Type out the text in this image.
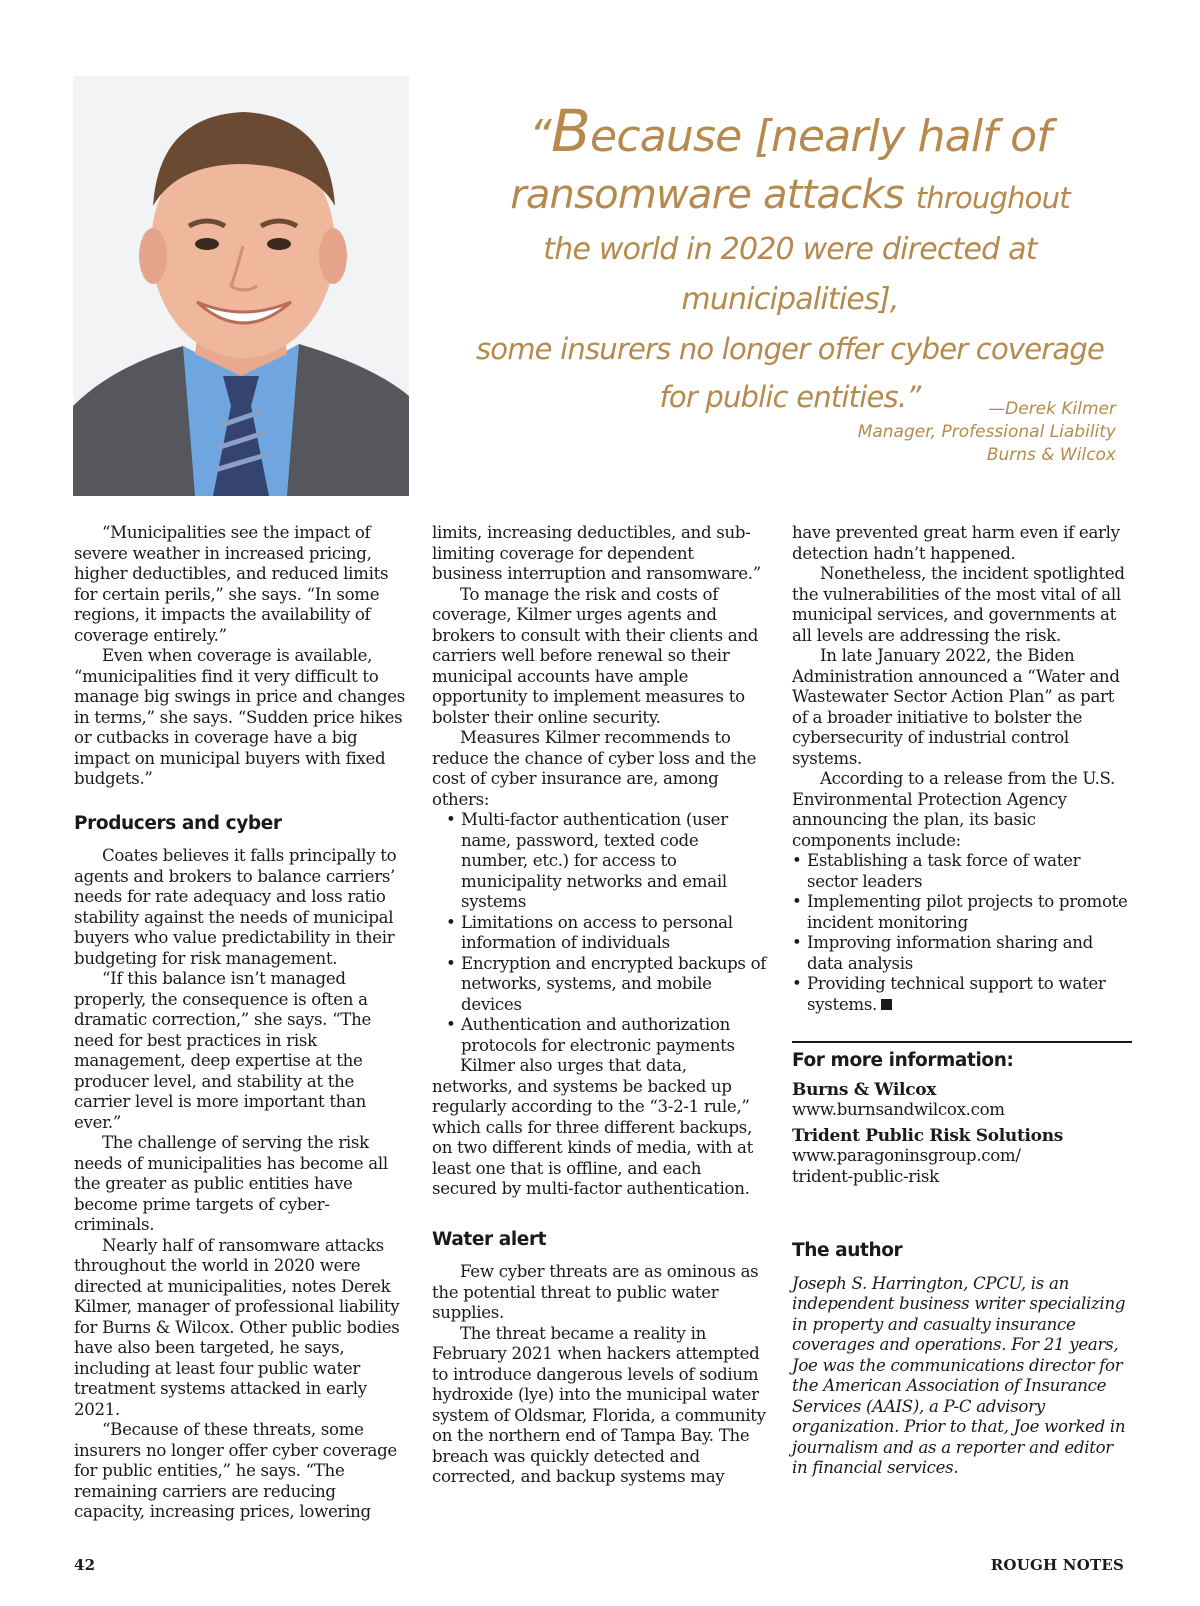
“Because [nearly half of
ransomware attacks throughout
the world in 2020 were directed at municipalities],
some insurers no longer offer cyber coverage
for public entities.”	—Derek Kilmer
Manager, Professional Liability
Burns & Wilcox

“Municipalities see the impact of severe weather in increased pricing, higher deductibles, and reduced limits for certain perils,” she says. “In some regions, it impacts the availability of coverage entirely.”

Even when coverage is available, “municipalities find it very difficult to manage big swings in price and changes in terms,” she says. “Sudden price hikes or cutbacks in coverage have a big impact on municipal buyers with fixed budgets.”

Producers and cyber

Coates believes it falls principally to agents and brokers to balance carriers’ needs for rate adequacy and loss ratio stability against the needs of municipal buyers who value predictability in their budgeting for risk management.

“If this balance isn’t managed properly, the consequence is often a dramatic correction,” she says. “The need for best practices in risk management, deep expertise at the producer level, and stability at the carrier level is more important than ever.”

The challenge of serving the risk needs of municipalities has become all the greater as public entities have become prime targets of cyber-criminals.

Nearly half of ransomware attacks throughout the world in 2020 were directed at municipalities, notes Derek Kilmer, manager of professional liability for Burns & Wilcox. Other public bodies have also been targeted, he says, including at least four public water treatment systems attacked in early 2021.

“Because of these threats, some insurers no longer offer cyber coverage for public entities,” he says. “The remaining carriers are reducing capacity, increasing prices, lowering

limits, increasing deductibles, and sub-limiting coverage for dependent business interruption and ransomware.”

To manage the risk and costs of coverage, Kilmer urges agents and brokers to consult with their clients and carriers well before renewal so their municipal accounts have ample opportunity to implement measures to bolster their online security.

Measures Kilmer recommends to reduce the chance of cyber loss and the cost of cyber insurance are, among others:

• Multi-factor authentication (user name, password, texted code number, etc.) for access to municipality networks and email systems
• Limitations on access to personal information of individuals
• Encryption and encrypted backups of networks, systems, and mobile devices
• Authentication and authorization protocols for electronic payments

Kilmer also urges that data, networks, and systems be backed up regularly according to the “3-2-1 rule,” which calls for three different backups, on two different kinds of media, with at least one that is offline, and each secured by multi-factor authentication.

Water alert

Few cyber threats are as ominous as the potential threat to public water supplies.

The threat became a reality in February 2021 when hackers attempted to introduce dangerous levels of sodium hydroxide (lye) into the municipal water system of Oldsmar, Florida, a community on the northern end of Tampa Bay. The breach was quickly detected and corrected, and backup systems may

have prevented great harm even if early detection hadn’t happened.

Nonetheless, the incident spotlighted the vulnerabilities of the most vital of all municipal services, and governments at all levels are addressing the risk.

In late January 2022, the Biden Administration announced a “Water and Wastewater Sector Action Plan” as part of a broader initiative to bolster the cybersecurity of industrial control systems.

According to a release from the U.S. Environmental Protection Agency announcing the plan, its basic components include:

• Establishing a task force of water sector leaders
• Implementing pilot projects to promote incident monitoring
• Improving information sharing and data analysis
• Providing technical support to water systems.
For more information:
Burns & Wilcox
www.burnsandwilcox.com
Trident Public Risk Solutions
www.paragoninsgroup.com/
trident-public-risk
The author

Joseph S. Harrington, CPCU, is an independent business writer specializing in property and casualty insurance coverages and operations. For 21 years, Joe was the communications director for the American Association of Insurance Services (AAIS), a P-C advisory organization. Prior to that, Joe worked in journalism and as a reporter and editor in financial services.

42	ROUGH NOTES
